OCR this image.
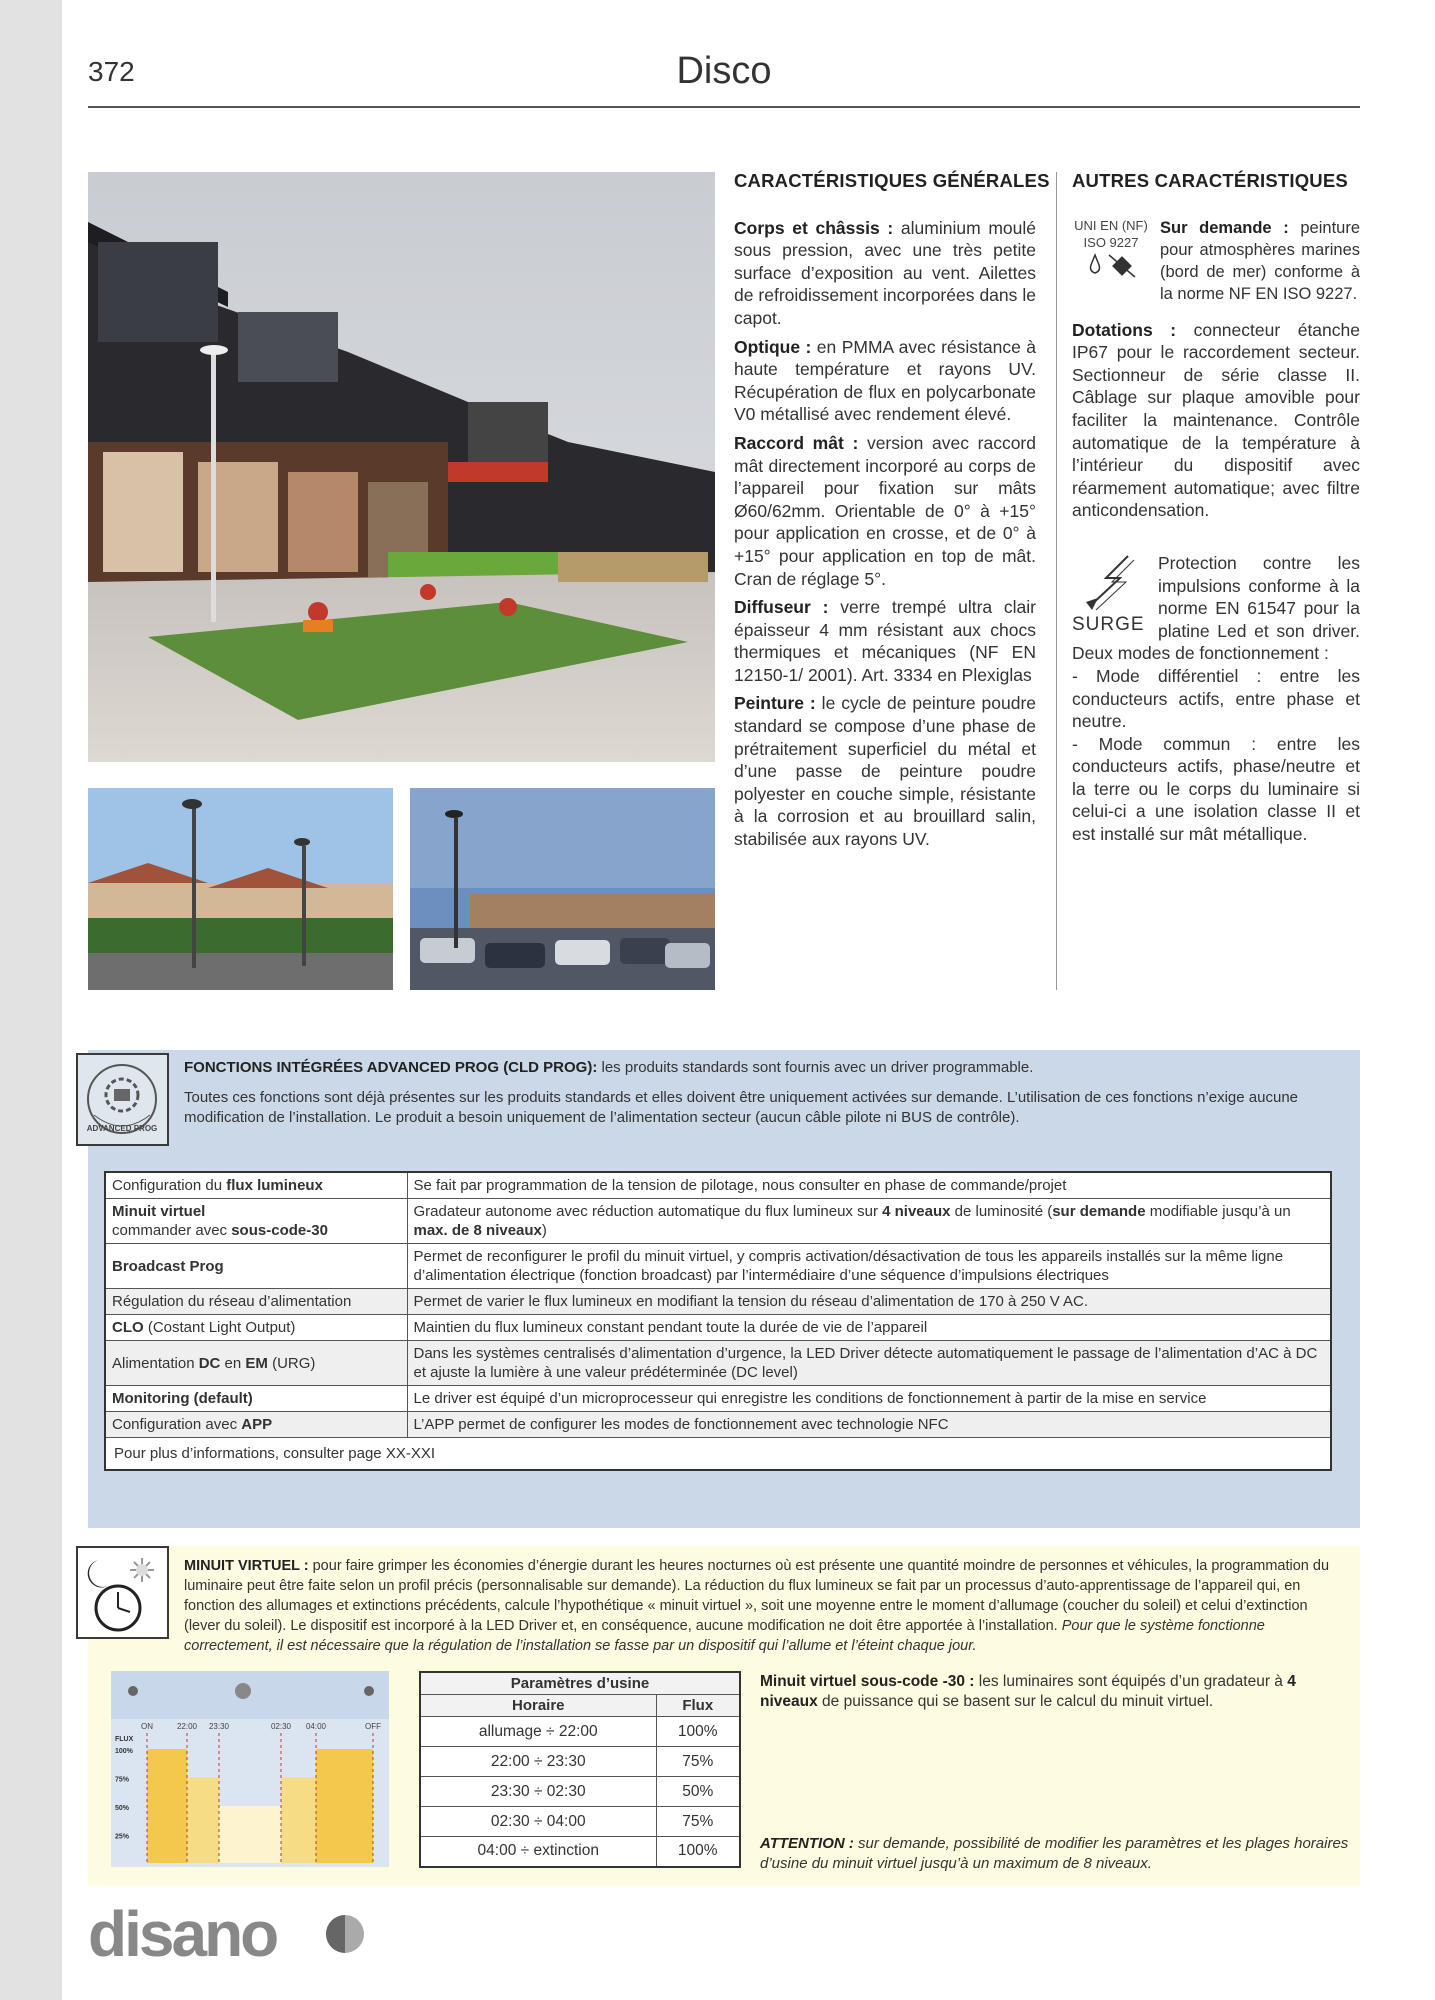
372	Disco
CARACTÉRISTIQUES GÉNÉRALES

Corps et châssis : aluminium moulé sous pression, avec une très petite surface d’exposition au vent. Ailettes de refroidissement incorporées dans le capot.

Optique : en PMMA avec résistance à haute température et rayons UV. Récupération de flux en polycarbonate V0 métallisé avec rendement élevé.

Raccord mât : version avec raccord mât directement incorporé au corps de l’appareil pour fixation sur mâts Ø60/62mm. Orientable de 0° à +15° pour application en crosse, et de 0° à +15° pour application en top de mât. Cran de réglage 5°.

Diffuseur : verre trempé ultra clair épaisseur 4 mm résistant aux chocs thermiques et mécaniques (NF EN 12150-1/ 2001). Art. 3334 en Plexiglas

Peinture : le cycle de peinture poudre standard se compose d’une phase de prétraitement superficiel du métal et d’une passe de peinture poudre polyester en couche simple, résistante à la corrosion et au brouillard salin, stabilisée aux rayons UV.

AUTRES CARACTÉRISTIQUES
UNI EN (NF)
ISO 9227
Sur demande : peinture pour atmosphères marines (bord de mer) conforme à la norme NF EN ISO 9227.

Dotations : connecteur étanche IP67 pour le raccordement secteur. Sectionneur de série classe II. Câblage sur plaque amovible pour faciliter la maintenance. Contrôle automatique de la température à l’intérieur du dispositif avec réarmement automatique; avec filtre anticondensation.

SURGE

Protection contre les impulsions conforme à la norme EN 61547 pour la platine Led et son driver. Deux modes de fonctionnement :

- Mode différentiel : entre les conducteurs actifs, entre phase et neutre.

- Mode commun : entre les conducteurs actifs, phase/neutre et la terre ou le corps du luminaire si celui-ci a une isolation classe II et est installé sur mât métallique.

ADVANCED PROG
FONCTIONS INTÉGRÉES ADVANCED PROG (CLD PROG): les produits standards sont fournis avec un driver programmable.
Toutes ces fonctions sont déjà présentes sur les produits standards et elles doivent être uniquement activées sur demande. L’utilisation de ces fonctions n’exige aucune modification de l’installation. Le produit a besoin uniquement de l’alimentation secteur (aucun câble pilote ni BUS de contrôle).
Configuration du flux lumineux	Se fait par programmation de la tension de pilotage, nous consulter en phase de commande/projet
Minuit virtuel
commander avec sous-code-30	Gradateur autonome avec réduction automatique du flux lumineux sur 4 niveaux de luminosité (sur demande modifiable jusqu’à un max. de 8 niveaux)
Broadcast Prog	Permet de reconfigurer le profil du minuit virtuel, y compris activation/désactivation de tous les appareils installés sur la même ligne d’alimentation électrique (fonction broadcast) par l’intermédiaire d’une séquence d’impulsions électriques
Régulation du réseau d’alimentation	Permet de varier le flux lumineux en modifiant la tension du réseau d’alimentation de 170 à 250 V AC.
CLO (Costant Light Output)	Maintien du flux lumineux constant pendant toute la durée de vie de l’appareil
Alimentation DC en EM (URG)	Dans les systèmes centralisés d’alimentation d’urgence, la LED Driver détecte automatiquement le passage de l’alimentation d’AC à DC et ajuste la lumière à une valeur prédéterminée (DC level)
Monitoring (default)	Le driver est équipé d’un microprocesseur qui enregistre les conditions de fonctionnement à partir de la mise en service
Configuration avec APP	L’APP permet de configurer les modes de fonctionnement avec technologie NFC
Pour plus d’informations, consulter page XX-XXI	
MINUIT VIRTUEL : pour faire grimper les économies d’énergie durant les heures nocturnes où est présente une quantité moindre de personnes et véhicules, la programmation du luminaire peut être faite selon un profil précis (personnalisable sur demande). La réduction du flux lumineux se fait par un processus d’auto-apprentissage de l’appareil qui, en fonction des allumages et extinctions précédents, calcule l’hypothétique « minuit virtuel », soit une moyenne entre le moment d’allumage (coucher du soleil) et celui d’extinction (lever du soleil). Le dispositif est incorporé à la LED Driver et, en conséquence, aucune modification ne doit être apportée à l’installation. Pour que le système fonctionne correctement, il est nécessaire que la régulation de l’installation se fasse par un dispositif qui l’allume et l’éteint chaque jour.
FLUX
100%
75%
50%
25%
ON	22:00 23:30	02:30 04:00	OFF
Paramètres d’usine	
Horaire	Flux
allumage ÷ 22:00	100%
22:00 ÷ 23:30	75%
23:30 ÷ 02:30	50%
02:30 ÷ 04:00	75%
04:00 ÷ extinction	100%
Minuit virtuel sous-code -30 : les luminaires sont équipés d’un gradateur à 4 niveaux de puissance qui se basent sur le calcul du minuit virtuel.
ATTENTION : sur demande, possibilité de modifier les paramètres et les plages horaires d’usine du minuit virtuel jusqu’à un maximum de 8 niveaux.
disano
